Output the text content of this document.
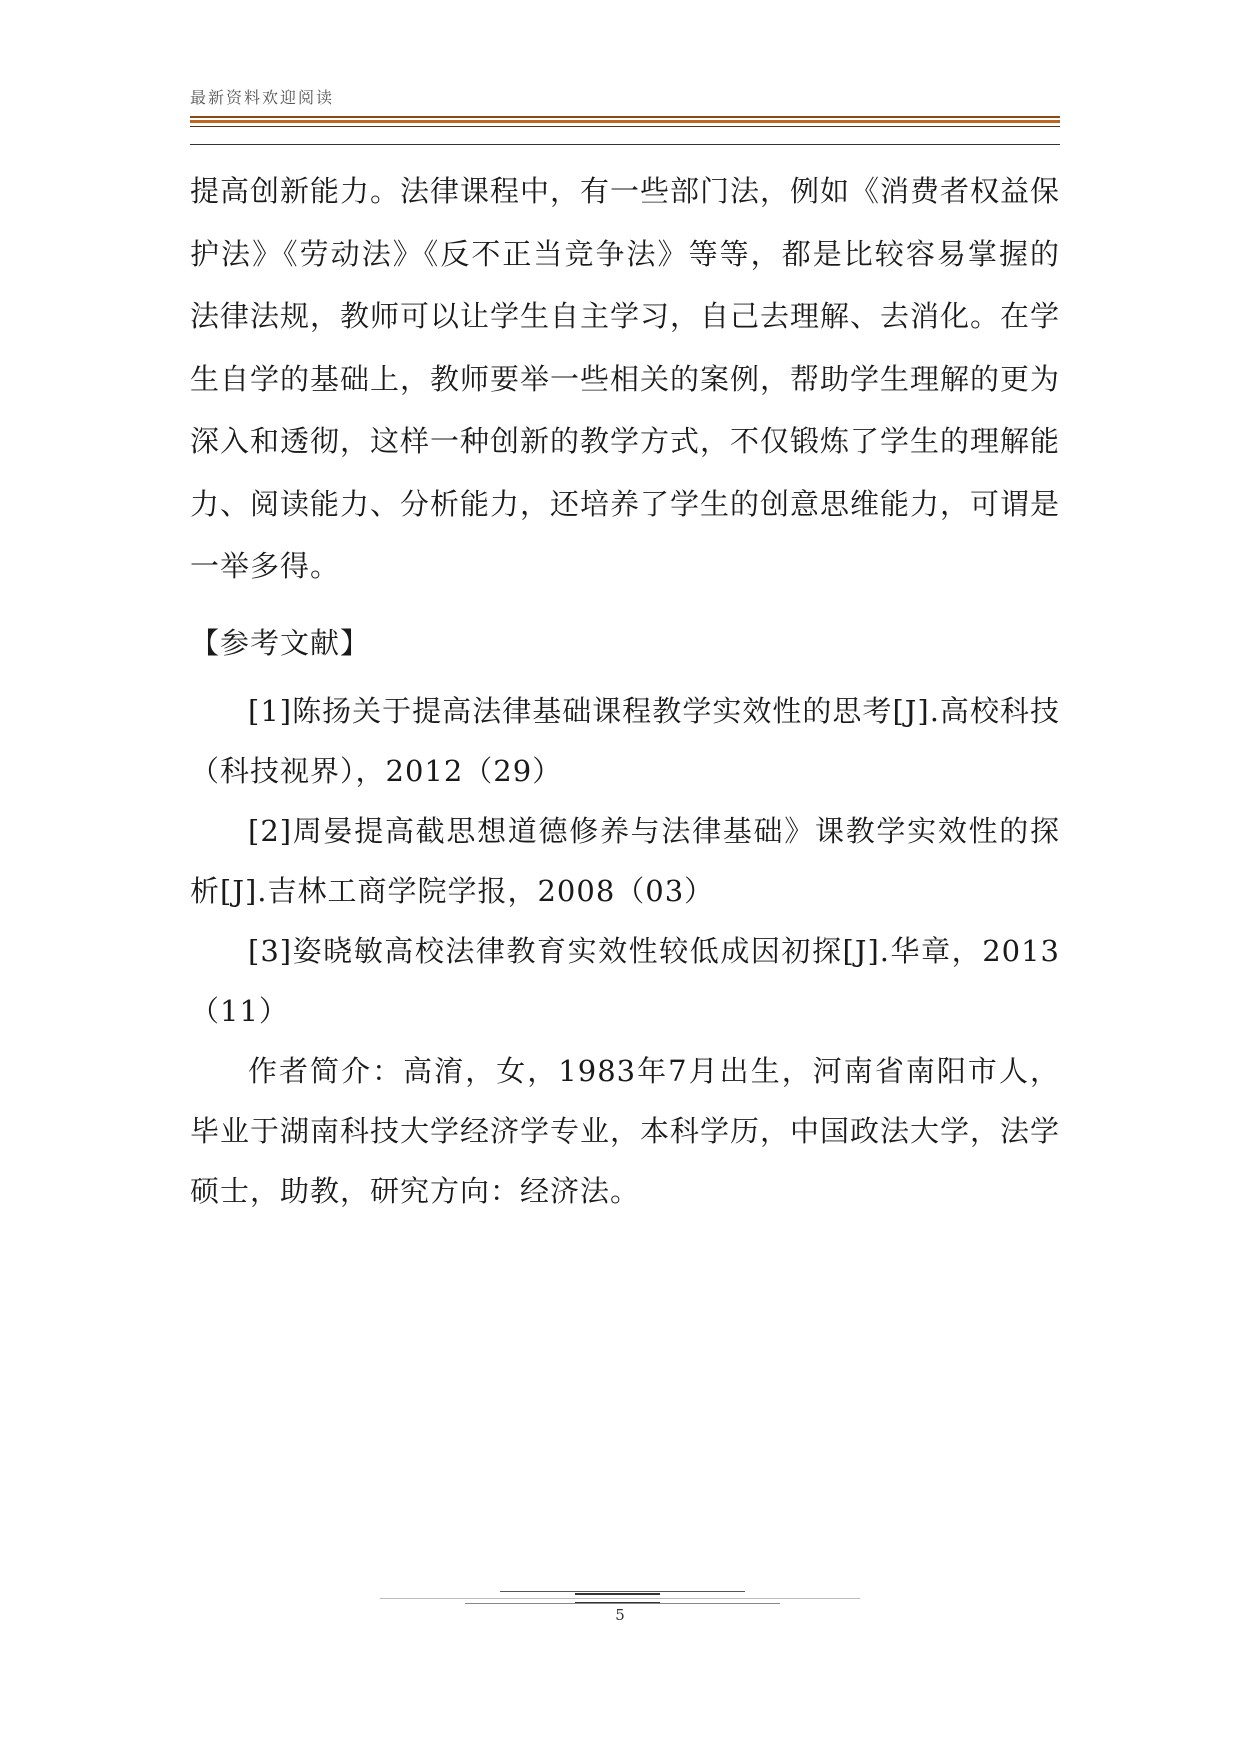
最新资料欢迎阅读

提高创新能力。法律课程中，有一些部门法，例如《消费者权益保护法》《劳动法》《反不正当竞争法》等等，都是比较容易掌握的法律法规，教师可以让学生自主学习，自己去理解、去消化。在学生自学的基础上，教师要举一些相关的案例，帮助学生理解的更为深入和透彻，这样一种创新的教学方式，不仅锻炼了学生的理解能力、阅读能力、分析能力，还培养了学生的创意思维能力，可谓是一举多得。

【参考文献】

[1]陈扬关于提高法律基础课程教学实效性的思考[J].高校科技（科技视界），2012（29）

[2]周晏提高截思想道德修养与法律基础》课教学实效性的探析[J].吉林工商学院学报，2008（03）

[3]姿晓敏高校法律教育实效性较低成因初探[J].华章，2013（11）

作者简介：高淯，女，1983年7月出生，河南省南阳市人，毕业于湖南科技大学经济学专业，本科学历，中国政法大学，法学硕士，助教，研究方向：经济法。

5
